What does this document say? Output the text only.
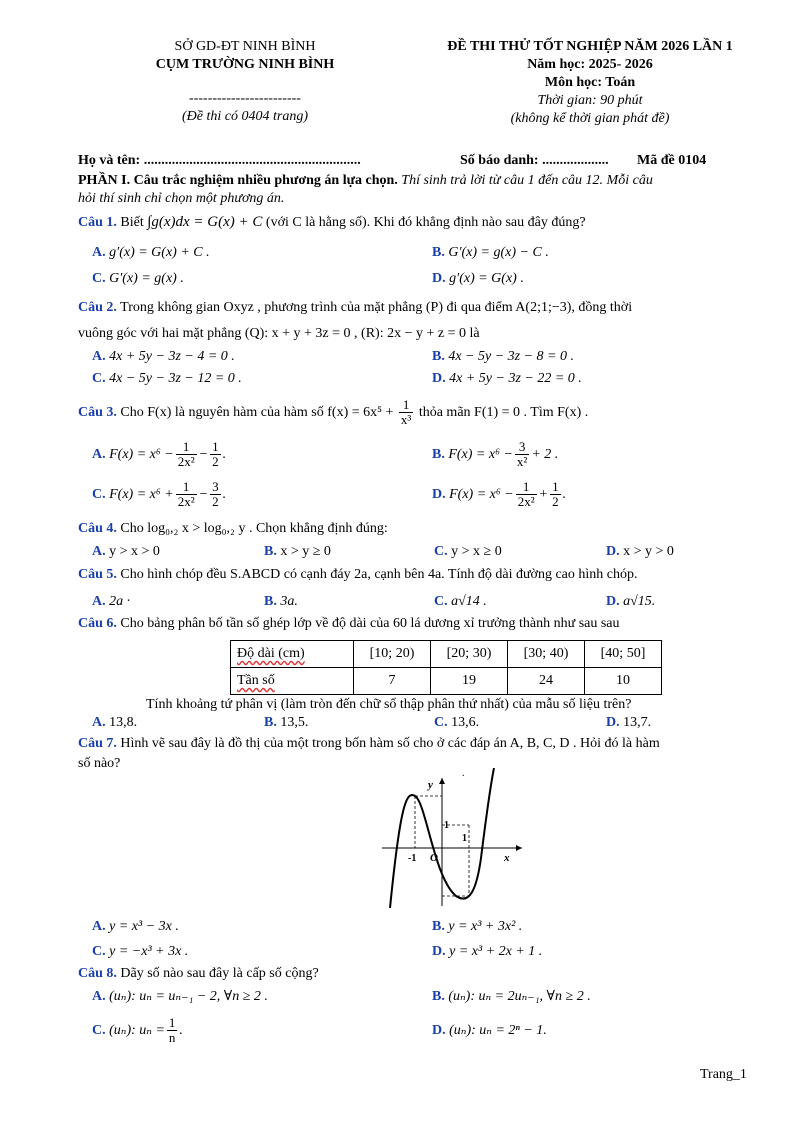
SỞ GD-ĐT NINH BÌNH
CỤM TRƯỜNG NINH BÌNH
------------------------
(Đề thi có 0404 trang)
ĐỀ THI THỬ TỐT NGHIỆP NĂM 2026 LẦN 1
Năm học: 2025- 2026
Môn học: Toán
Thời gian: 90 phút
(không kể thời gian phát đề)
Họ và tên: ..............................................................	Số báo danh: ................... Mã đề 0104
PHẦN I. Câu trắc nghiệm nhiều phương án lựa chọn. Thí sinh trả lời từ câu 1 đến câu 12. Mỗi câu
hỏi thí sinh chỉ chọn một phương án.
Câu 1. Biết ∫g(x)dx = G(x) + C (với C là hằng số). Khi đó khẳng định nào sau đây đúng?
A. g′(x) = G(x) + C .	B. G′(x) = g(x) − C .
C. G′(x) = g(x) .	D. g′(x) = G(x) .
Câu 2. Trong không gian Oxyz , phương trình của mặt phẳng (P) đi qua điểm A(2;1;−3), đồng thời
vuông góc với hai mặt phẳng (Q): x + y + 3z = 0 , (R): 2x − y + z = 0 là
A. 4x + 5y − 3z − 4 = 0 .	B. 4x − 5y − 3z − 8 = 0 .
C. 4x − 5y − 3z − 12 = 0 .	D. 4x + 5y − 3z − 22 = 0 .
Câu 3. Cho F(x) là nguyên hàm của hàm số $f(x) = 6x^5 + \frac{1}{\text{x³}}$ thỏa mãn F(1) = 0 . Tìm F(x) .
A. $F(x) = x^6 - \frac{1}{\text{2x²}} - \frac{1}{2}$ .	B. $F(x) = x^6 - \frac{3}{\text{x²}} + 2$ .
C. $F(x) = x^6 + \frac{1}{\text{2x²}} - \frac{3}{2}$ .	D. $F(x) = x^6 - \frac{1}{\text{2x²}} + \frac{1}{2}$ .
Câu 4. Cho log₀,₂ x > log₀,₂ y . Chọn khẳng định đúng:
A. y > x > 0	B. x > y ≥ 0	C. y > x ≥ 0	D. x > y > 0
Câu 5. Cho hình chóp đều S.ABCD có cạnh đáy 2a, cạnh bên 4a. Tính độ dài đường cao hình chóp.
A. 2a ·	B. 3a.	C. a√14 .	D. a√15.
Câu 6. Cho bảng phân bố tần số ghép lớp về độ dài của 60 lá dương xỉ trưởng thành như sau sau
Độ dài (cm)	[10; 20)	[20; 30)	[30; 40)	[40; 50]
Tần số	7	19	24	10
Tính khoảng tứ phân vị (làm tròn đến chữ số thập phân thứ nhất) của mẫu số liệu trên?
A. 13,8.	B. 13,5.	C. 13,6.	D. 13,7.
Câu 7. Hình vẽ sau đây là đồ thị của một trong bốn hàm số cho ở các đáp án A, B, C, D . Hỏi đó là hàm
số nào?
y
x
O
1
1
-1
.
A. y = x³ − 3x .	B. y = x³ + 3x² .
C. y = −x³ + 3x .	D. y = x³ + 2x + 1 .
Câu 8. Dãy số nào sau đây là cấp số cộng?
A. (uₙ): uₙ = uₙ₋₁ − 2, ∀n ≥ 2 .	B. (uₙ): uₙ = 2uₙ₋₁, ∀n ≥ 2 .
C. (uₙ): $u_n = \frac{1}{n}$ .	D. (uₙ): uₙ = 2ⁿ − 1.
Trang_1
